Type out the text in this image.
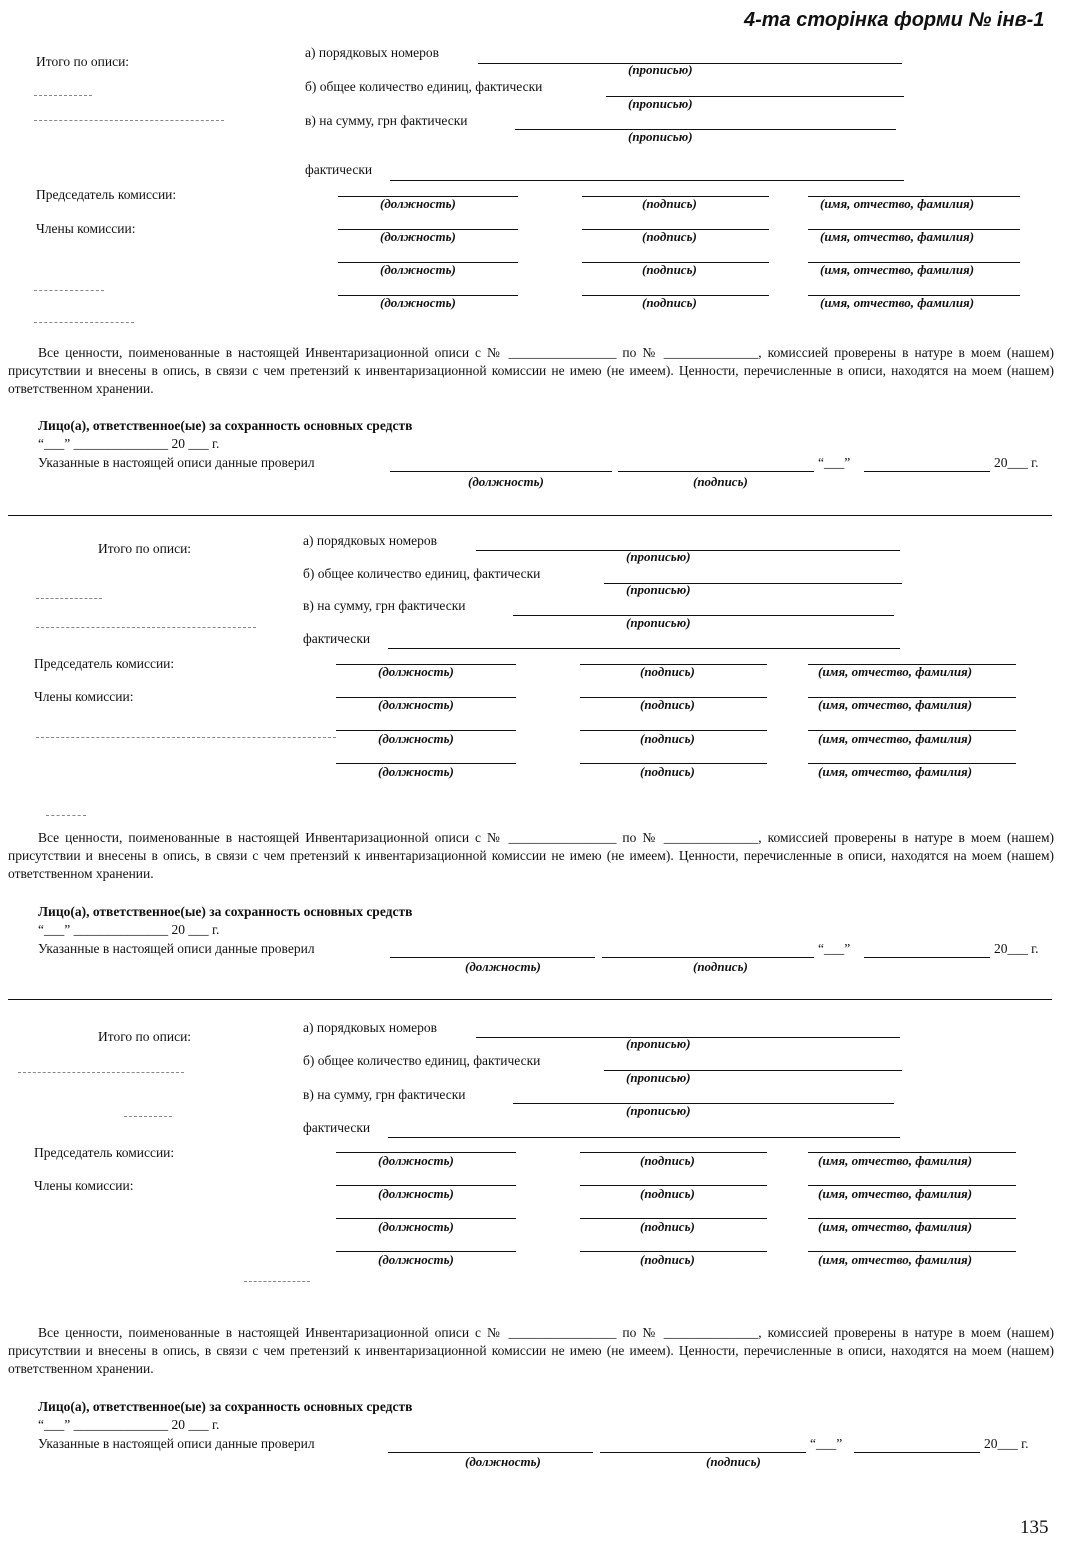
4-та сторінка форми № інв-1
Итого по описи:
а) порядковых номеров
(прописью)
б) общее количество единиц, фактически
(прописью)
в) на сумму, грн фактически
(прописью)
фактически
Председатель комиссии:
Члены комиссии:
(должность)	(подпись)	(имя, отчество, фамилия)
(должность)	(подпись)	(имя, отчество, фамилия)
(должность)	(подпись)	(имя, отчество, фамилия)
(должность)	(подпись)	(имя, отчество, фамилия)
Все ценности, поименованные в настоящей Инвентаризационной описи с № ________________ по № ______________, комиссией проверены в натуре в моем (нашем) присутствии и внесены в опись, в связи с чем претензий к инвентаризационной комиссии не имею (не имеем). Ценности, перечисленные в описи, находятся на моем (нашем) ответственном хранении.
Лицо(а), ответственное(ые) за сохранность основных средств
“___” ______________ 20 ___ г.
Указанные в настоящей описи данные проверил	“___”	20___ г.
(должность)	(подпись)
Итого по описи:
а) порядковых номеров
(прописью)
б) общее количество единиц, фактически
(прописью)
в) на сумму, грн фактически
(прописью)
фактически
Председатель комиссии:
Члены комиссии:
(должность)	(подпись)	(имя, отчество, фамилия)
(должность)	(подпись)	(имя, отчество, фамилия)
(должность)	(подпись)	(имя, отчество, фамилия)
(должность)	(подпись)	(имя, отчество, фамилия)
Все ценности, поименованные в настоящей Инвентаризационной описи с № ________________ по № ______________, комиссией проверены в натуре в моем (нашем) присутствии и внесены в опись, в связи с чем претензий к инвентаризационной комиссии не имею (не имеем). Ценности, перечисленные в описи, находятся на моем (нашем) ответственном хранении.
Лицо(а), ответственное(ые) за сохранность основных средств
“___” ______________ 20 ___ г.
Указанные в настоящей описи данные проверил	“___”	20___ г.
(должность)	(подпись)
Итого по описи:
а) порядковых номеров
(прописью)
б) общее количество единиц, фактически
(прописью)
в) на сумму, грн фактически
(прописью)
фактически
Председатель комиссии:
Члены комиссии:
(должность)	(подпись)	(имя, отчество, фамилия)
(должность)	(подпись)	(имя, отчество, фамилия)
(должность)	(подпись)	(имя, отчество, фамилия)
(должность)	(подпись)	(имя, отчество, фамилия)
Все ценности, поименованные в настоящей Инвентаризационной описи с № ________________ по № ______________, комиссией проверены в натуре в моем (нашем) присутствии и внесены в опись, в связи с чем претензий к инвентаризационной комиссии не имею (не имеем). Ценности, перечисленные в описи, находятся на моем (нашем) ответственном хранении.
Лицо(а), ответственное(ые) за сохранность основных средств
“___” ______________ 20 ___ г.
Указанные в настоящей описи данные проверил	“___”	20___ г.
(должность)	(подпись)
135
